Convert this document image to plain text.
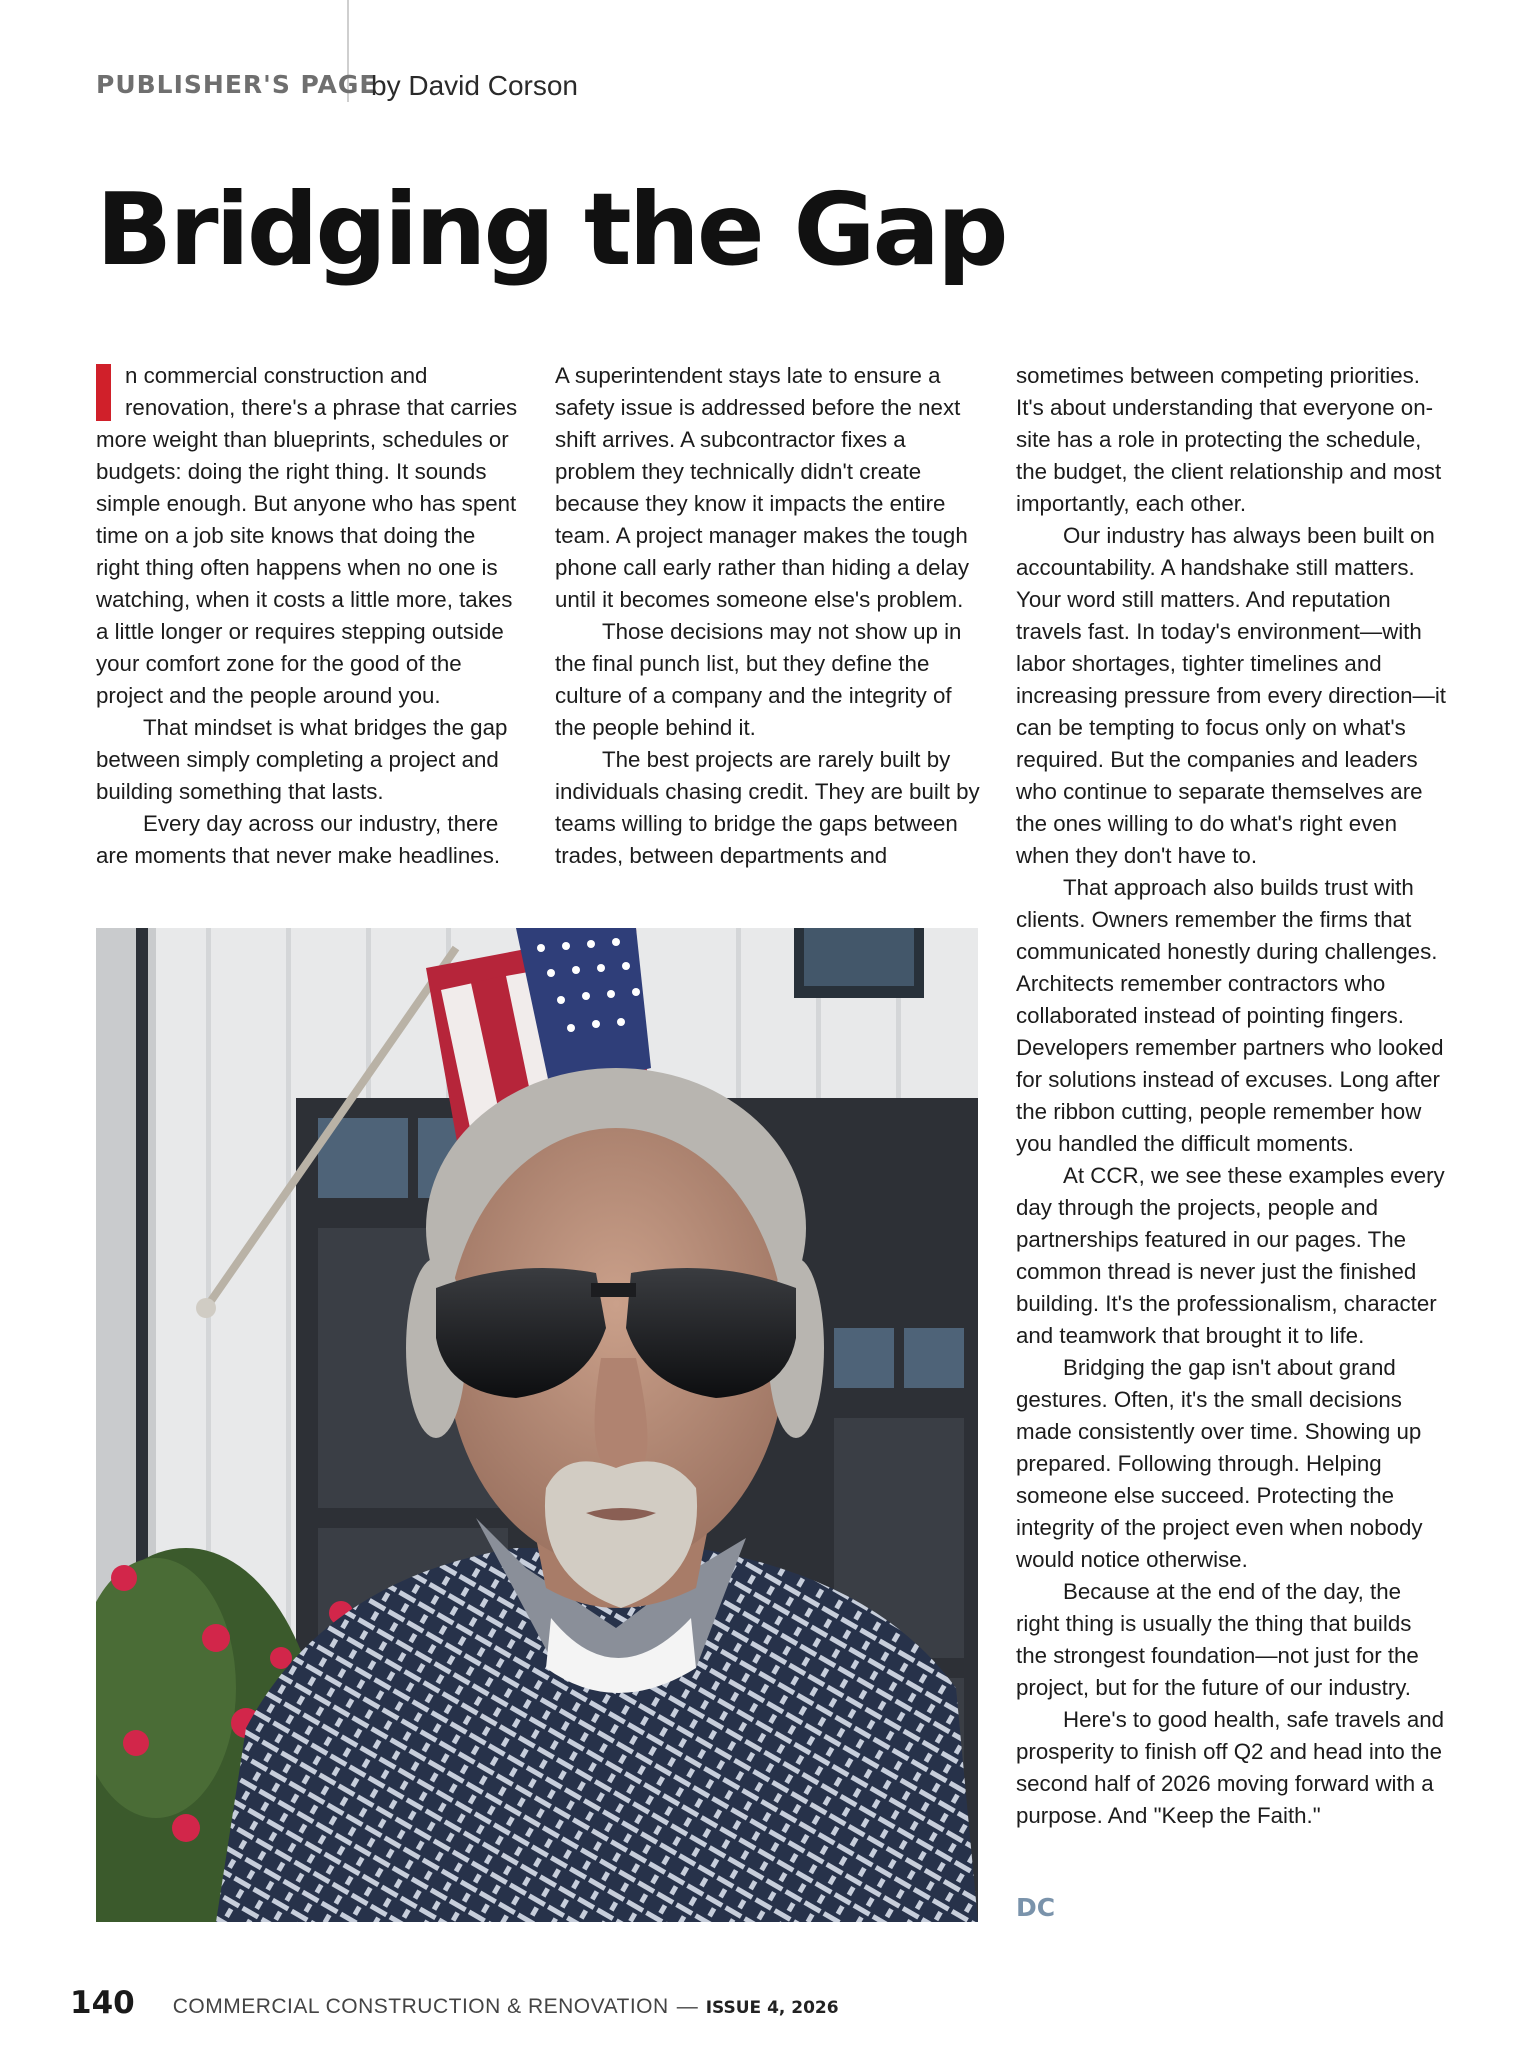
PUBLISHER'S PAGE
by David Corson
Bridging the Gap

n commercial construction and renovation, there's a phrase that carries more weight than blueprints, schedules or budgets: doing the right thing. It sounds simple enough. But anyone who has spent time on a job site knows that doing the right thing often happens when no one is watching, when it costs a little more, takes a little longer or requires stepping outside your comfort zone for the good of the project and the people around you.

That mindset is what bridges the gap between simply completing a project and building something that lasts.

Every day across our industry, there are moments that never make headlines.

A superintendent stays late to ensure a safety issue is addressed before the next shift arrives. A subcontractor fixes a problem they technically didn't create because they know it impacts the entire team. A project manager makes the tough phone call early rather than hiding a delay until it becomes someone else's problem.

Those decisions may not show up in the final punch list, but they define the culture of a company and the integrity of the people behind it.

The best projects are rarely built by individuals chasing credit. They are built by teams willing to bridge the gaps between trades, between departments and

sometimes between competing priorities. It's about understanding that everyone on-site has a role in protecting the schedule, the budget, the client relationship and most importantly, each other.

Our industry has always been built on accountability. A handshake still matters. Your word still matters. And reputation travels fast. In today's environment—with labor shortages, tighter timelines and increasing pressure from every direction—it can be tempting to focus only on what's required. But the companies and leaders who continue to separate themselves are the ones willing to do what's right even when they don't have to.

That approach also builds trust with clients. Owners remember the firms that communicated honestly during challenges. Architects remember contractors who collaborated instead of pointing fingers. Developers remember partners who looked for solutions instead of excuses. Long after the ribbon cutting, people remember how you handled the difficult moments.

At CCR, we see these examples every day through the projects, people and partnerships featured in our pages. The common thread is never just the finished building. It's the professionalism, character and teamwork that brought it to life.

Bridging the gap isn't about grand gestures. Often, it's the small decisions made consistently over time. Showing up prepared. Following through. Helping someone else succeed. Protecting the integrity of the project even when nobody would notice otherwise.

Because at the end of the day, the right thing is usually the thing that builds the strongest foundation—not just for the project, but for the future of our industry.

Here's to good health, safe travels and prosperity to finish off Q2 and head into the second half of 2026 moving forward with a purpose. And "Keep the Faith."

DC
140 COMMERCIAL CONSTRUCTION & RENOVATION — ISSUE 4, 2026
